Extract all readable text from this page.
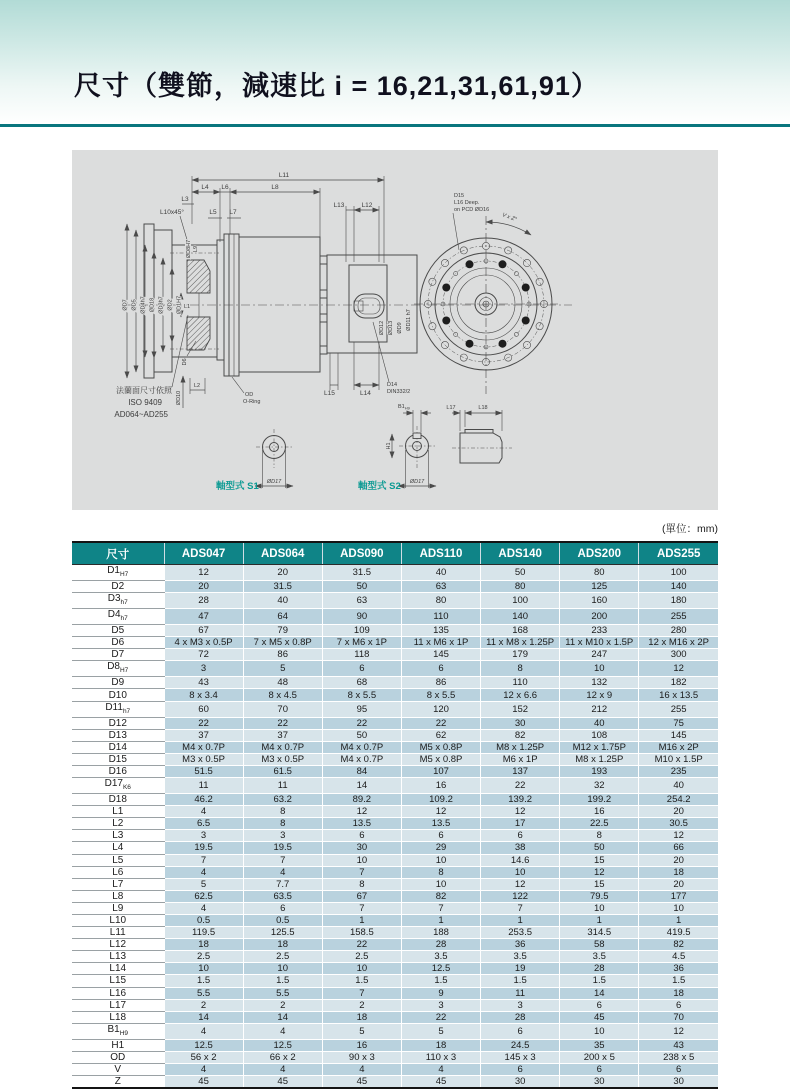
尺寸（雙節，減速比 i = 16,21,31,61,91）
L11
L4 L6	L8
L3
L10x45°	L5 L7
L13	L12
ØD7 ØD5 ØD4h7 ØD18 ØD3h7 ØD2 ØD1H7
ØD8H7 L9
L1
D6
ØD10
L2
法蘭面尺寸依照
ISO 9409
AD064~AD255
OD
O-Ring
ØD12 ØD13 ØD9 ØD11 h7
L15	L14
D14
DIN332/2
V x Z°
D15
L16 Deep.
on PCD ØD16
ØD17
軸型式 S1
$B1_{H9}$
H1
ØD17
軸型式 S2
L17	L18
(單位：mm)
尺寸	ADS047	ADS064	ADS090	ADS110	ADS140	ADS200	ADS255
$D1_{H7}$	12	20	31.5	40	50	80	100
D2	20	31.5	50	63	80	125	140
$D3_{h7}$	28	40	63	80	100	160	180
$D4_{h7}$	47	64	90	110	140	200	255
D5	67	79	109	135	168	233	280
D6	4 x M3 x 0.5P	7 x M5 x 0.8P	7 x M6 x 1P	11 x M6 x 1P	11 x M8 x 1.25P	11 x M10 x 1.5P	12 x M16 x 2P
D7	72	86	118	145	179	247	300
$D8_{H7}$	3	5	6	6	8	10	12
D9	43	48	68	86	110	132	182
D10	8 x 3.4	8 x 4.5	8 x 5.5	8 x 5.5	12 x 6.6	12 x 9	16 x 13.5
$D11_{h7}$	60	70	95	120	152	212	255
D12	22	22	22	22	30	40	75
D13	37	37	50	62	82	108	145
D14	M4 x 0.7P	M4 x 0.7P	M4 x 0.7P	M5 x 0.8P	M8 x 1.25P	M12 x 1.75P	M16 x 2P
D15	M3 x 0.5P	M3 x 0.5P	M4 x 0.7P	M5 x 0.8P	M6 x 1P	M8 x 1.25P	M10 x 1.5P
D16	51.5	61.5	84	107	137	193	235
$D17_{K6}$	11	11	14	16	22	32	40
D18	46.2	63.2	89.2	109.2	139.2	199.2	254.2
L1	4	8	12	12	12	16	20
L2	6.5	8	13.5	13.5	17	22.5	30.5
L3	3	3	6	6	6	8	12
L4	19.5	19.5	30	29	38	50	66
L5	7	7	10	10	14.6	15	20
L6	4	4	7	8	10	12	18
L7	5	7.7	8	10	12	15	20
L8	62.5	63.5	67	82	122	79.5	177
L9	4	6	7	7	7	10	10
L10	0.5	0.5	1	1	1	1	1
L11	119.5	125.5	158.5	188	253.5	314.5	419.5
L12	18	18	22	28	36	58	82
L13	2.5	2.5	2.5	3.5	3.5	3.5	4.5
L14	10	10	10	12.5	19	28	36
L15	1.5	1.5	1.5	1.5	1.5	1.5	1.5
L16	5.5	5.5	7	9	11	14	18
L17	2	2	2	3	3	6	6
L18	14	14	18	22	28	45	70
$B1_{H9}$	4	4	5	5	6	10	12
H1	12.5	12.5	16	18	24.5	35	43
OD	56 x 2	66 x 2	90 x 3	110 x 3	145 x 3	200 x 5	238 x 5
V	4	4	4	4	6	6	6
Z	45	45	45	45	30	30	30
